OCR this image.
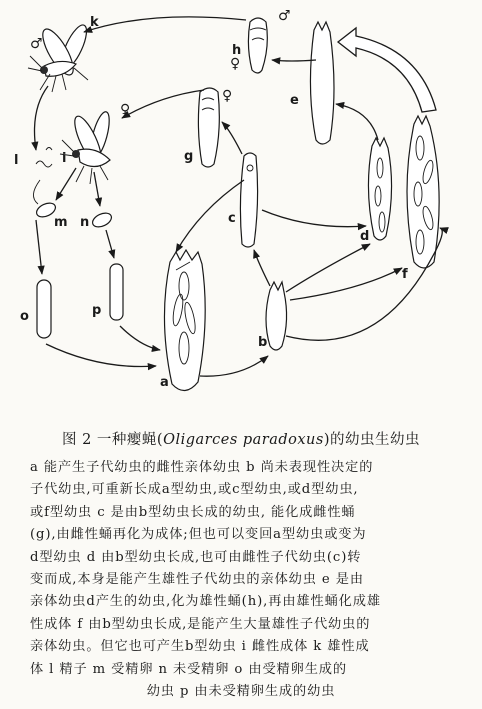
♂
k
♀
i
l
m n
o	p
a
b
c
♀
g
♀
h
♂
e
d
f
图 2 一种瘿蝇(Oligarces paradoxus)的幼虫生幼虫
a 能产生子代幼虫的雌性亲体幼虫 b 尚未表现性决定的
子代幼虫,可重新长成a型幼虫,或c型幼虫,或d型幼虫,
或f型幼虫 c 是由b型幼虫长成的幼虫, 能化成雌性蛹
(g),由雌性蛹再化为成体;但也可以变回a型幼虫或变为
d型幼虫 d 由b型幼虫长成,也可由雌性子代幼虫(c)转
变而成,本身是能产生雄性子代幼虫的亲体幼虫 e 是由
亲体幼虫d产生的幼虫,化为雄性蛹(h),再由雄性蛹化成雄
性成体 f 由b型幼虫长成,是能产生大量雄性子代幼虫的
亲体幼虫。但它也可产生b型幼虫 i 雌性成体 k 雄性成
体 l 精子 m 受精卵 n 未受精卵 o 由受精卵生成的
幼虫 p 由未受精卵生成的幼虫
